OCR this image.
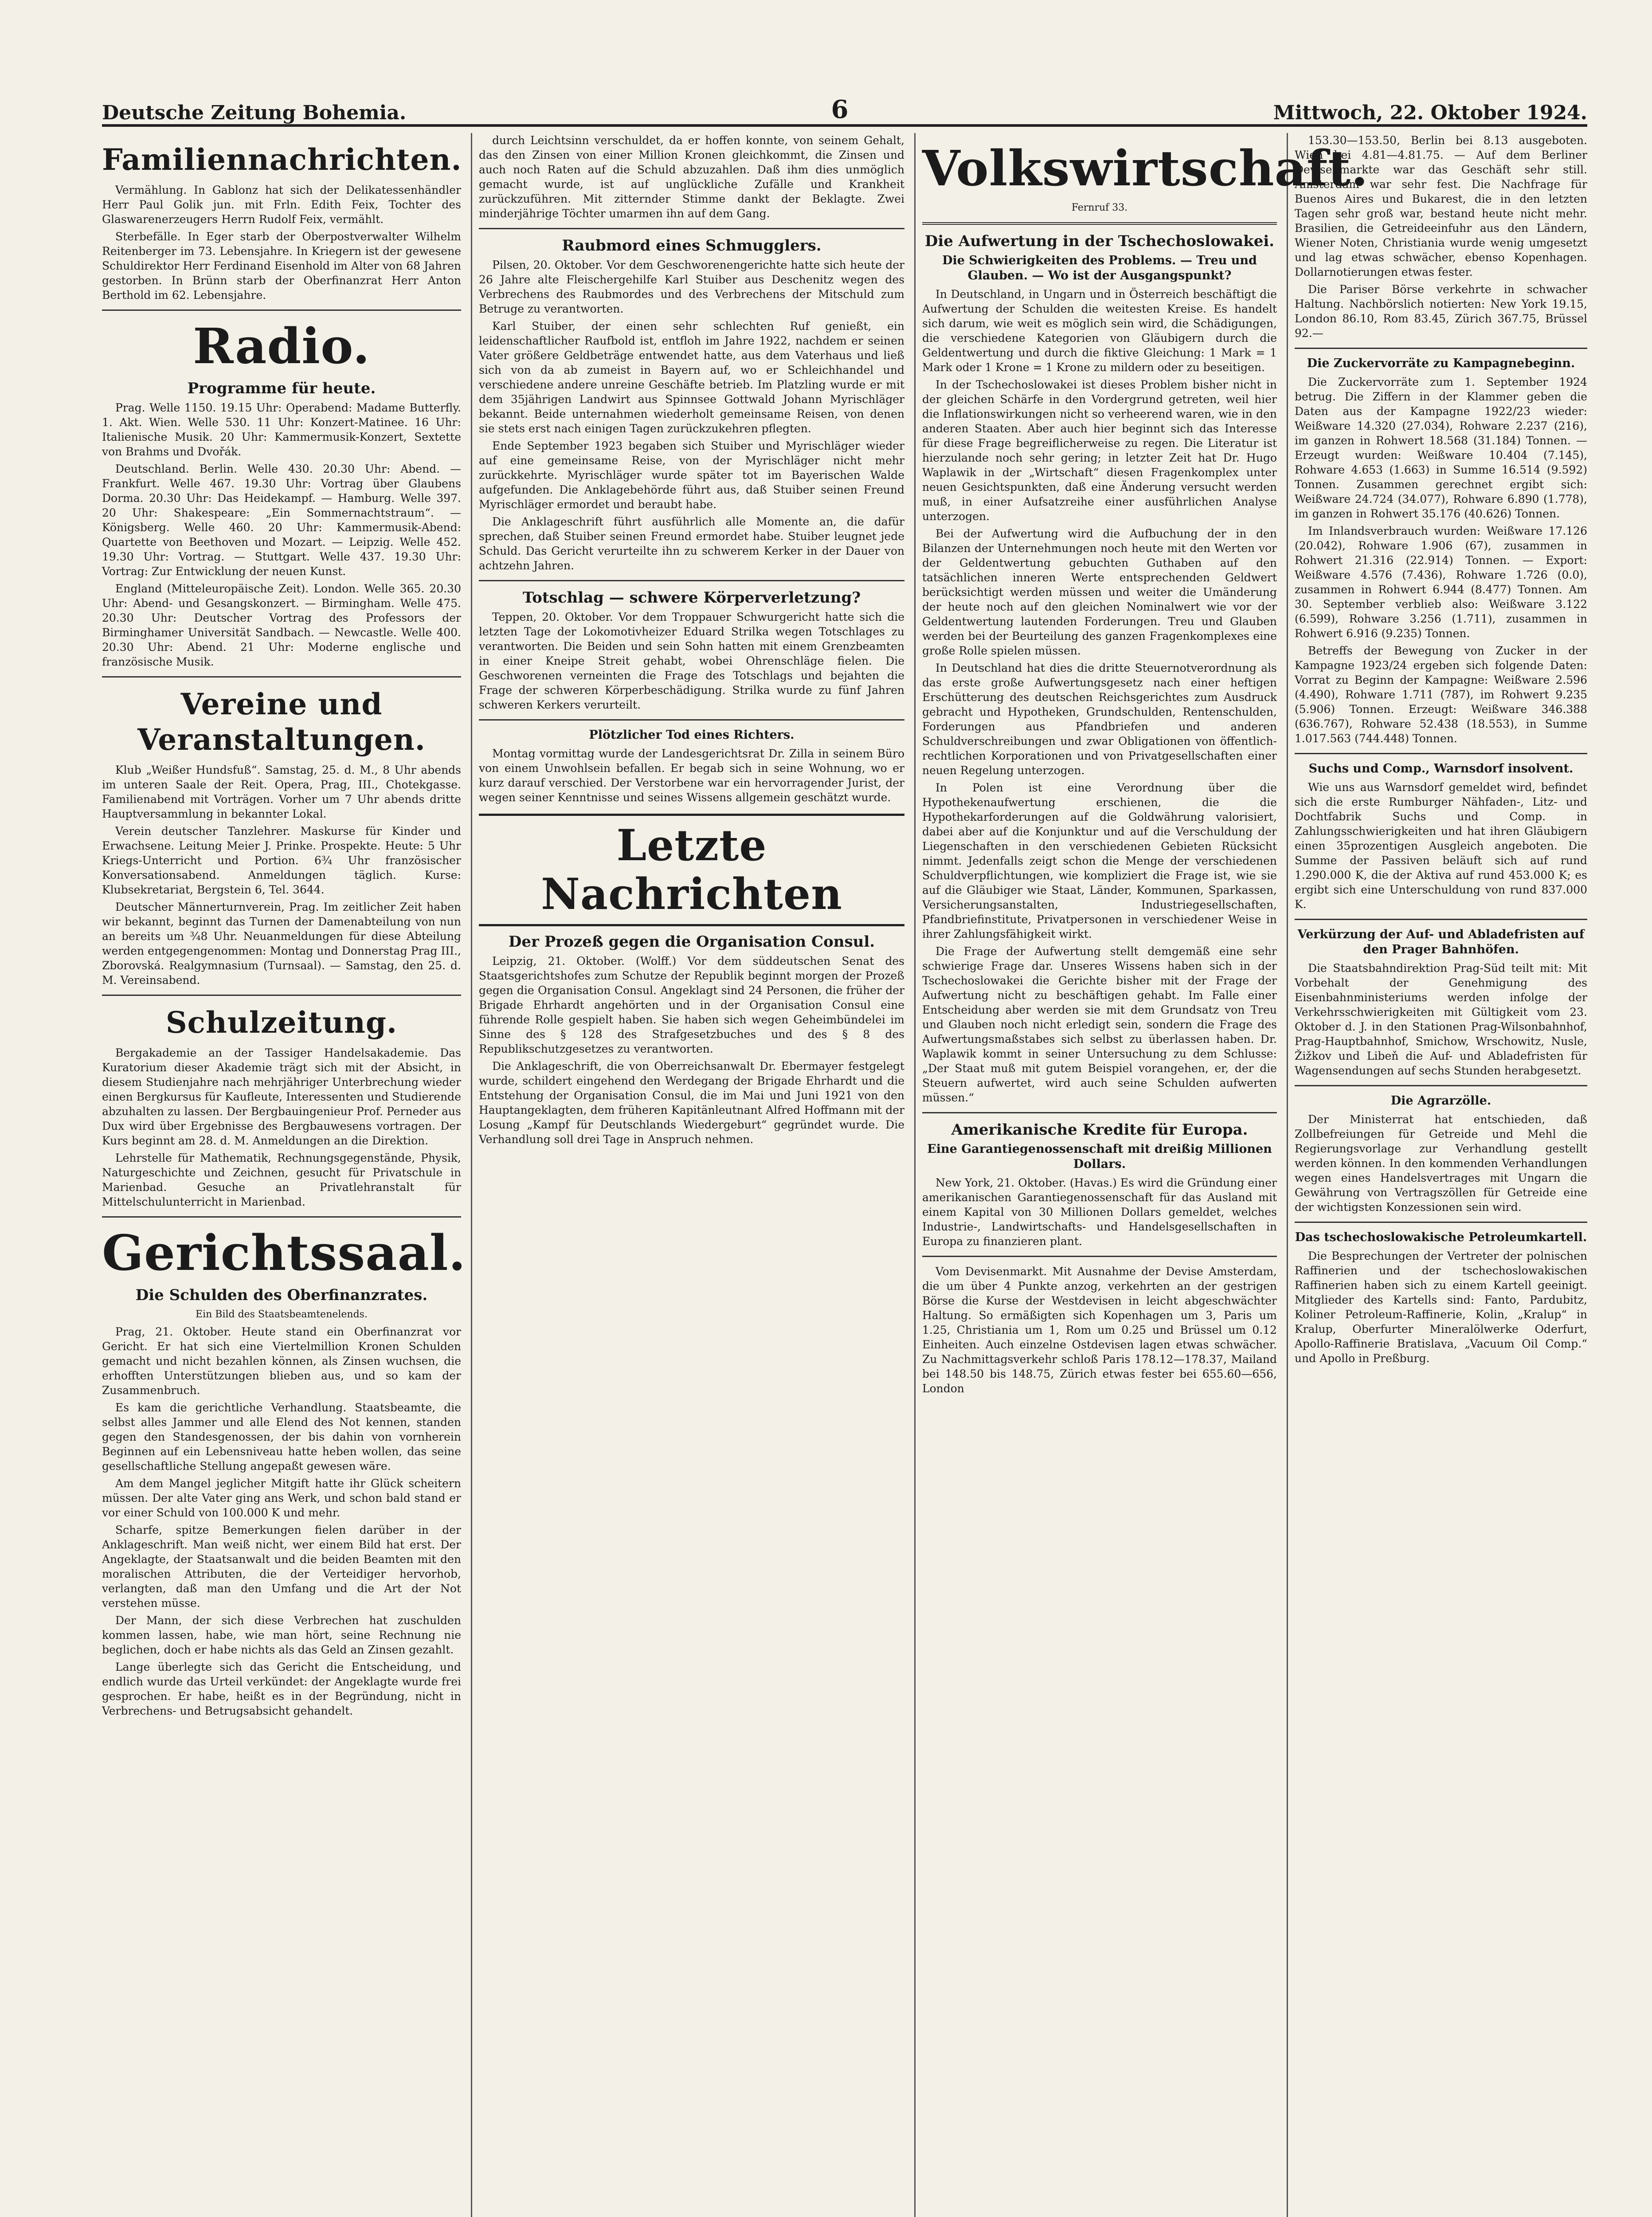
Deutsche Zeitung Bohemia.	6	Mittwoch, 22. Oktober 1924.
Familiennachrichten.

Vermählung. In Gablonz hat sich der Delikatessenhändler Herr Paul Golik jun. mit Frln. Edith Feix, Tochter des Glaswarenerzeugers Herrn Rudolf Feix, vermählt.

Sterbefälle. In Eger starb der Oberpostverwalter Wilhelm Reitenberger im 73. Lebensjahre. In Kriegern ist der gewesene Schuldirektor Herr Ferdinand Eisenhold im Alter von 68 Jahren gestorben. In Brünn starb der Oberfinanzrat Herr Anton Berthold im 62. Lebensjahre.

Radio.
Programme für heute.

Prag. Welle 1150. 19.15 Uhr: Operabend: Madame Butterfly. 1. Akt. Wien. Welle 530. 11 Uhr: Konzert-Matinee. 16 Uhr: Italienische Musik. 20 Uhr: Kammermusik-Konzert, Sextette von Brahms und Dvořák.

Deutschland. Berlin. Welle 430. 20.30 Uhr: Abend. — Frankfurt. Welle 467. 19.30 Uhr: Vortrag über Glaubens Dorma. 20.30 Uhr: Das Heidekampf. — Hamburg. Welle 397. 20 Uhr: Shakespeare: „Ein Sommernachtstraum“. — Königsberg. Welle 460. 20 Uhr: Kammermusik-Abend: Quartette von Beethoven und Mozart. — Leipzig. Welle 452. 19.30 Uhr: Vortrag. — Stuttgart. Welle 437. 19.30 Uhr: Vortrag: Zur Entwicklung der neuen Kunst.

England (Mitteleuropäische Zeit). London. Welle 365. 20.30 Uhr: Abend- und Gesangskonzert. — Birmingham. Welle 475. 20.30 Uhr: Deutscher Vortrag des Professors der Birminghamer Universität Sandbach. — Newcastle. Welle 400. 20.30 Uhr: Abend. 21 Uhr: Moderne englische und französische Musik.

Vereine und Veranstaltungen.

Klub „Weißer Hundsfuß“. Samstag, 25. d. M., 8 Uhr abends im unteren Saale der Reit. Opera, Prag, III., Chotekgasse. Familienabend mit Vorträgen. Vorher um 7 Uhr abends dritte Hauptversammlung in bekannter Lokal.

Verein deutscher Tanzlehrer. Maskurse für Kinder und Erwachsene. Leitung Meier J. Prinke. Prospekte. Heute: 5 Uhr Kriegs-Unterricht und Portion. 6¾ Uhr französischer Konversationsabend. Anmeldungen täglich. Kurse: Klubsekretariat, Bergstein 6, Tel. 3644.

Deutscher Männerturnverein, Prag. Im zeitlicher Zeit haben wir bekannt, beginnt das Turnen der Damenabteilung von nun an bereits um ¾8 Uhr. Neuanmeldungen für diese Abteilung werden entgegengenommen: Montag und Donnerstag Prag III., Zborovská. Realgymnasium (Turnsaal). — Samstag, den 25. d. M. Vereinsabend.

Schulzeitung.

Bergakademie an der Tassiger Handelsakademie. Das Kuratorium dieser Akademie trägt sich mit der Absicht, in diesem Studienjahre nach mehrjähriger Unterbrechung wieder einen Bergkursus für Kaufleute, Interessenten und Studierende abzuhalten zu lassen. Der Bergbauingenieur Prof. Perneder aus Dux wird über Ergebnisse des Bergbauwesens vortragen. Der Kurs beginnt am 28. d. M. Anmeldungen an die Direktion.

Lehrstelle für Mathematik, Rechnungsgegenstände, Physik, Naturgeschichte und Zeichnen, gesucht für Privatschule in Marienbad. Gesuche an Privatlehranstalt für Mittelschulunterricht in Marienbad.

Gerichtssaal.
Die Schulden des Oberfinanzrates.
Ein Bild des Staatsbeamtenelends.

Prag, 21. Oktober. Heute stand ein Oberfinanzrat vor Gericht. Er hat sich eine Viertelmillion Kronen Schulden gemacht und nicht bezahlen können, als Zinsen wuchsen, die erhofften Unterstützungen blieben aus, und so kam der Zusammenbruch.

Es kam die gerichtliche Verhandlung. Staatsbeamte, die selbst alles Jammer und alle Elend des Not kennen, standen gegen den Standesgenossen, der bis dahin von vornherein Beginnen auf ein Lebensniveau hatte heben wollen, das seine gesellschaftliche Stellung angepaßt gewesen wäre.

Am dem Mangel jeglicher Mitgift hatte ihr Glück scheitern müssen. Der alte Vater ging ans Werk, und schon bald stand er vor einer Schuld von 100.000 K und mehr.

Scharfe, spitze Bemerkungen fielen darüber in der Anklageschrift. Man weiß nicht, wer einem Bild hat erst. Der Angeklagte, der Staatsanwalt und die beiden Beamten mit den moralischen Attributen, die der Verteidiger hervorhob, verlangten, daß man den Umfang und die Art der Not verstehen müsse.

Der Mann, der sich diese Verbrechen hat zuschulden kommen lassen, habe, wie man hört, seine Rechnung nie beglichen, doch er habe nichts als das Geld an Zinsen gezahlt.

Lange überlegte sich das Gericht die Entscheidung, und endlich wurde das Urteil verkündet: der Angeklagte wurde frei gesprochen. Er habe, heißt es in der Begründung, nicht in Verbrechens- und Betrugsabsicht gehandelt.

durch Leichtsinn verschuldet, da er hoffen konnte, von seinem Gehalt, das den Zinsen von einer Million Kronen gleichkommt, die Zinsen und auch noch Raten auf die Schuld abzuzahlen. Daß ihm dies unmöglich gemacht wurde, ist auf unglückliche Zufälle und Krankheit zurückzuführen. Mit zitternder Stimme dankt der Beklagte. Zwei minderjährige Töchter umarmen ihn auf dem Gang.

Raubmord eines Schmugglers.

Pilsen, 20. Oktober. Vor dem Geschworenengerichte hatte sich heute der 26 Jahre alte Fleischergehilfe Karl Stuiber aus Deschenitz wegen des Verbrechens des Raubmordes und des Verbrechens der Mitschuld zum Betruge zu verantworten.

Karl Stuiber, der einen sehr schlechten Ruf genießt, ein leidenschaftlicher Raufbold ist, entfloh im Jahre 1922, nachdem er seinen Vater größere Geldbeträge entwendet hatte, aus dem Vaterhaus und ließ sich von da ab zumeist in Bayern auf, wo er Schleichhandel und verschiedene andere unreine Geschäfte betrieb. Im Platzling wurde er mit dem 35jährigen Landwirt aus Spinnsee Gottwald Johann Myrischläger bekannt. Beide unternahmen wiederholt gemeinsame Reisen, von denen sie stets erst nach einigen Tagen zurückzukehren pflegten.

Ende September 1923 begaben sich Stuiber und Myrischläger wieder auf eine gemeinsame Reise, von der Myrischläger nicht mehr zurückkehrte. Myrischläger wurde später tot im Bayerischen Walde aufgefunden. Die Anklagebehörde führt aus, daß Stuiber seinen Freund Myrischläger ermordet und beraubt habe.

Die Anklageschrift führt ausführlich alle Momente an, die dafür sprechen, daß Stuiber seinen Freund ermordet habe. Stuiber leugnet jede Schuld. Das Gericht verurteilte ihn zu schwerem Kerker in der Dauer von achtzehn Jahren.

Totschlag — schwere Körperverletzung?

Teppen, 20. Oktober. Vor dem Troppauer Schwurgericht hatte sich die letzten Tage der Lokomotivheizer Eduard Strilka wegen Totschlages zu verantworten. Die Beiden und sein Sohn hatten mit einem Grenzbeamten in einer Kneipe Streit gehabt, wobei Ohrenschläge fielen. Die Geschworenen verneinten die Frage des Totschlags und bejahten die Frage der schweren Körperbeschädigung. Strilka wurde zu fünf Jahren schweren Kerkers verurteilt.

Plötzlicher Tod eines Richters.

Montag vormittag wurde der Landesgerichtsrat Dr. Zilla in seinem Büro von einem Unwohlsein befallen. Er begab sich in seine Wohnung, wo er kurz darauf verschied. Der Verstorbene war ein hervorragender Jurist, der wegen seiner Kenntnisse und seines Wissens allgemein geschätzt wurde.

Letzte Nachrichten
Der Prozeß gegen die Organisation Consul.

Leipzig, 21. Oktober. (Wolff.) Vor dem süddeutschen Senat des Staatsgerichtshofes zum Schutze der Republik beginnt morgen der Prozeß gegen die Organisation Consul. Angeklagt sind 24 Personen, die früher der Brigade Ehrhardt angehörten und in der Organisation Consul eine führende Rolle gespielt haben. Sie haben sich wegen Geheimbündelei im Sinne des § 128 des Strafgesetzbuches und des § 8 des Republikschutzgesetzes zu verantworten.

Die Anklageschrift, die von Oberreichsanwalt Dr. Ebermayer festgelegt wurde, schildert eingehend den Werdegang der Brigade Ehrhardt und die Entstehung der Organisation Consul, die im Mai und Juni 1921 von den Hauptangeklagten, dem früheren Kapitänleutnant Alfred Hoffmann mit der Losung „Kampf für Deutschlands Wiedergeburt“ gegründet wurde. Die Verhandlung soll drei Tage in Anspruch nehmen.

Volkswirtschaft.
Fernruf 33.
Die Aufwertung in der Tschechoslowakei.
Die Schwierigkeiten des Problems. — Treu und Glauben. — Wo ist der Ausgangspunkt?

In Deutschland, in Ungarn und in Österreich beschäftigt die Aufwertung der Schulden die weitesten Kreise. Es handelt sich darum, wie weit es möglich sein wird, die Schädigungen, die verschiedene Kategorien von Gläubigern durch die Geldentwertung und durch die fiktive Gleichung: 1 Mark = 1 Mark oder 1 Krone = 1 Krone zu mildern oder zu beseitigen.

In der Tschechoslowakei ist dieses Problem bisher nicht in der gleichen Schärfe in den Vordergrund getreten, weil hier die Inflationswirkungen nicht so verheerend waren, wie in den anderen Staaten. Aber auch hier beginnt sich das Interesse für diese Frage begreiflicherweise zu regen. Die Literatur ist hierzulande noch sehr gering; in letzter Zeit hat Dr. Hugo Waplawik in der „Wirtschaft“ diesen Fragenkomplex unter neuen Gesichtspunkten, daß eine Änderung versucht werden muß, in einer Aufsatzreihe einer ausführlichen Analyse unterzogen.

Bei der Aufwertung wird die Aufbuchung der in den Bilanzen der Unternehmungen noch heute mit den Werten vor der Geldentwertung gebuchten Guthaben auf den tatsächlichen inneren Werte entsprechenden Geldwert berücksichtigt werden müssen und weiter die Umänderung der heute noch auf den gleichen Nominalwert wie vor der Geldentwertung lautenden Forderungen. Treu und Glauben werden bei der Beurteilung des ganzen Fragenkomplexes eine große Rolle spielen müssen.

In Deutschland hat dies die dritte Steuernotverordnung als das erste große Aufwertungsgesetz nach einer heftigen Erschütterung des deutschen Reichsgerichtes zum Ausdruck gebracht und Hypotheken, Grundschulden, Rentenschulden, Forderungen aus Pfandbriefen und anderen Schuldverschreibungen und zwar Obligationen von öffentlich-rechtlichen Korporationen und von Privatgesellschaften einer neuen Regelung unterzogen.

In Polen ist eine Verordnung über die Hypothekenaufwertung erschienen, die die Hypothekarforderungen auf die Goldwährung valorisiert, dabei aber auf die Konjunktur und auf die Verschuldung der Liegenschaften in den verschiedenen Gebieten Rücksicht nimmt. Jedenfalls zeigt schon die Menge der verschiedenen Schuldverpflichtungen, wie kompliziert die Frage ist, wie sie auf die Gläubiger wie Staat, Länder, Kommunen, Sparkassen, Versicherungsanstalten, Industriegesellschaften, Pfandbriefinstitute, Privatpersonen in verschiedener Weise in ihrer Zahlungsfähigkeit wirkt.

Die Frage der Aufwertung stellt demgemäß eine sehr schwierige Frage dar. Unseres Wissens haben sich in der Tschechoslowakei die Gerichte bisher mit der Frage der Aufwertung nicht zu beschäftigen gehabt. Im Falle einer Entscheidung aber werden sie mit dem Grundsatz von Treu und Glauben noch nicht erledigt sein, sondern die Frage des Aufwertungsmaßstabes sich selbst zu überlassen haben. Dr. Waplawik kommt in seiner Untersuchung zu dem Schlusse: „Der Staat muß mit gutem Beispiel vorangehen, er, der die Steuern aufwertet, wird auch seine Schulden aufwerten müssen.“

Amerikanische Kredite für Europa.
Eine Garantiegenossenschaft mit dreißig Millionen Dollars.

New York, 21. Oktober. (Havas.) Es wird die Gründung einer amerikanischen Garantiegenossenschaft für das Ausland mit einem Kapital von 30 Millionen Dollars gemeldet, welches Industrie-, Landwirtschafts- und Handelsgesellschaften in Europa zu finanzieren plant.

Vom Devisenmarkt. Mit Ausnahme der Devise Amsterdam, die um über 4 Punkte anzog, verkehrten an der gestrigen Börse die Kurse der Westdevisen in leicht abgeschwächter Haltung. So ermäßigten sich Kopenhagen um 3, Paris um 1.25, Christiania um 1, Rom um 0.25 und Brüssel um 0.12 Einheiten. Auch einzelne Ostdevisen lagen etwas schwächer. Zu Nachmittagsverkehr schloß Paris 178.12—178.37, Mailand bei 148.50 bis 148.75, Zürich etwas fester bei 655.60—656, London

153.30—153.50, Berlin bei 8.13 ausgeboten. Wien bei 4.81—4.81.75. — Auf dem Berliner Devisenmarkte war das Geschäft sehr still. Amsterdam war sehr fest. Die Nachfrage für Buenos Aires und Bukarest, die in den letzten Tagen sehr groß war, bestand heute nicht mehr. Brasilien, die Getreideeinfuhr aus den Ländern, Wiener Noten, Christiania wurde wenig umgesetzt und lag etwas schwächer, ebenso Kopenhagen. Dollarnotierungen etwas fester.

Die Pariser Börse verkehrte in schwacher Haltung. Nachbörslich notierten: New York 19.15, London 86.10, Rom 83.45, Zürich 367.75, Brüssel 92.—

Die Zuckervorräte zu Kampagnebeginn.

Die Zuckervorräte zum 1. September 1924 betrug. Die Ziffern in der Klammer geben die Daten aus der Kampagne 1922/23 wieder: Weißware 14.320 (27.034), Rohware 2.237 (216), im ganzen in Rohwert 18.568 (31.184) Tonnen. — Erzeugt wurden: Weißware 10.404 (7.145), Rohware 4.653 (1.663) in Summe 16.514 (9.592) Tonnen. Zusammen gerechnet ergibt sich: Weißware 24.724 (34.077), Rohware 6.890 (1.778), im ganzen in Rohwert 35.176 (40.626) Tonnen.

Im Inlandsverbrauch wurden: Weißware 17.126 (20.042), Rohware 1.906 (67), zusammen in Rohwert 21.316 (22.914) Tonnen. — Export: Weißware 4.576 (7.436), Rohware 1.726 (0.0), zusammen in Rohwert 6.944 (8.477) Tonnen. Am 30. September verblieb also: Weißware 3.122 (6.599), Rohware 3.256 (1.711), zusammen in Rohwert 6.916 (9.235) Tonnen.

Betreffs der Bewegung von Zucker in der Kampagne 1923/24 ergeben sich folgende Daten: Vorrat zu Beginn der Kampagne: Weißware 2.596 (4.490), Rohware 1.711 (787), im Rohwert 9.235 (5.906) Tonnen. Erzeugt: Weißware 346.388 (636.767), Rohware 52.438 (18.553), in Summe 1.017.563 (744.448) Tonnen.

Suchs und Comp., Warnsdorf insolvent.

Wie uns aus Warnsdorf gemeldet wird, befindet sich die erste Rumburger Nähfaden-, Litz- und Dochtfabrik Suchs und Comp. in Zahlungsschwierigkeiten und hat ihren Gläubigern einen 35prozentigen Ausgleich angeboten. Die Summe der Passiven beläuft sich auf rund 1.290.000 K, die der Aktiva auf rund 453.000 K; es ergibt sich eine Unterschuldung von rund 837.000 K.

Verkürzung der Auf- und Abladefristen auf den Prager Bahnhöfen.

Die Staatsbahndirektion Prag-Süd teilt mit: Mit Vorbehalt der Genehmigung des Eisenbahnministeriums werden infolge der Verkehrsschwierigkeiten mit Gültigkeit vom 23. Oktober d. J. in den Stationen Prag-Wilsonbahnhof, Prag-Hauptbahnhof, Smichow, Wrschowitz, Nusle, Žižkov und Libeň die Auf- und Abladefristen für Wagensendungen auf sechs Stunden herabgesetzt.

Die Agrarzölle.

Der Ministerrat hat entschieden, daß Zollbefreiungen für Getreide und Mehl die Regierungsvorlage zur Verhandlung gestellt werden können. In den kommenden Verhandlungen wegen eines Handelsvertrages mit Ungarn die Gewährung von Vertragszöllen für Getreide eine der wichtigsten Konzessionen sein wird.

Das tschechoslowakische Petroleumkartell.

Die Besprechungen der Vertreter der polnischen Raffinerien und der tschechoslowakischen Raffinerien haben sich zu einem Kartell geeinigt. Mitglieder des Kartells sind: Fanto, Pardubitz, Koliner Petroleum-Raffinerie, Kolin, „Kralup“ in Kralup, Oberfurter Mineralölwerke Oderfurt, Apollo-Raffinerie Bratislava, „Vacuum Oil Comp.“ und Apollo in Preßburg.
